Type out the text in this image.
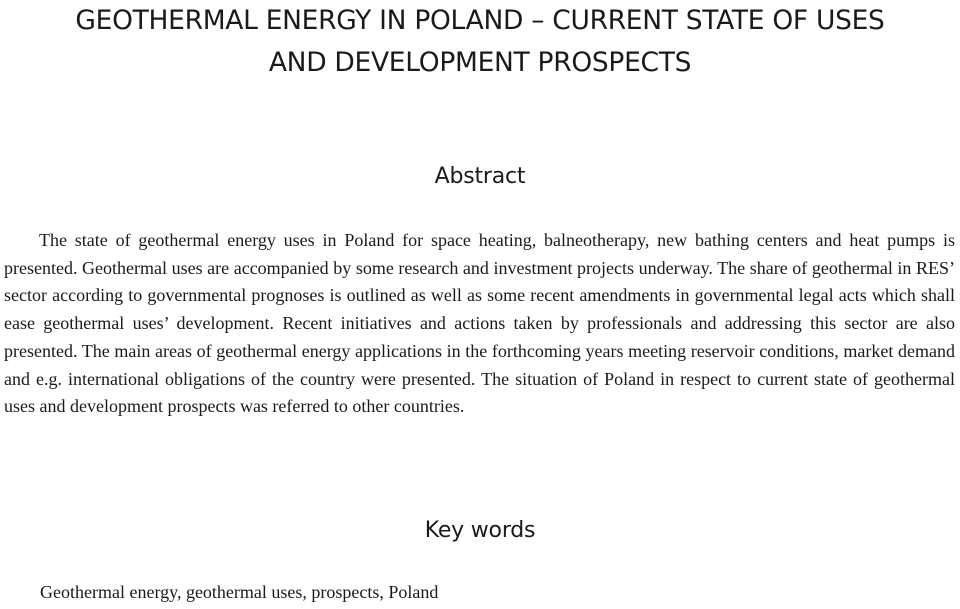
GEOTHERMAL ENERGY IN POLAND – CURRENT STATE OF USES
AND DEVELOPMENT PROSPECTS
Abstract

The state of geothermal energy uses in Poland for space heating, balneotherapy, new bathing centers and heat pumps is presented. Geothermal uses are accompanied by some research and investment projects underway. The share of geothermal in RES’ sector according to governmental prognoses is outlined as well as some recent amendments in governmental legal acts which shall ease geothermal uses’ development. Recent initiatives and actions taken by professionals and addressing this sector are also presented. The main areas of geothermal energy applications in the forthcoming years meeting reservoir conditions, market demand and e.g. international obligations of the country were presented. The situation of Poland in respect to current state of geothermal uses and development prospects was referred to other countries.

Key words

Geothermal energy, geothermal uses, prospects, Poland
